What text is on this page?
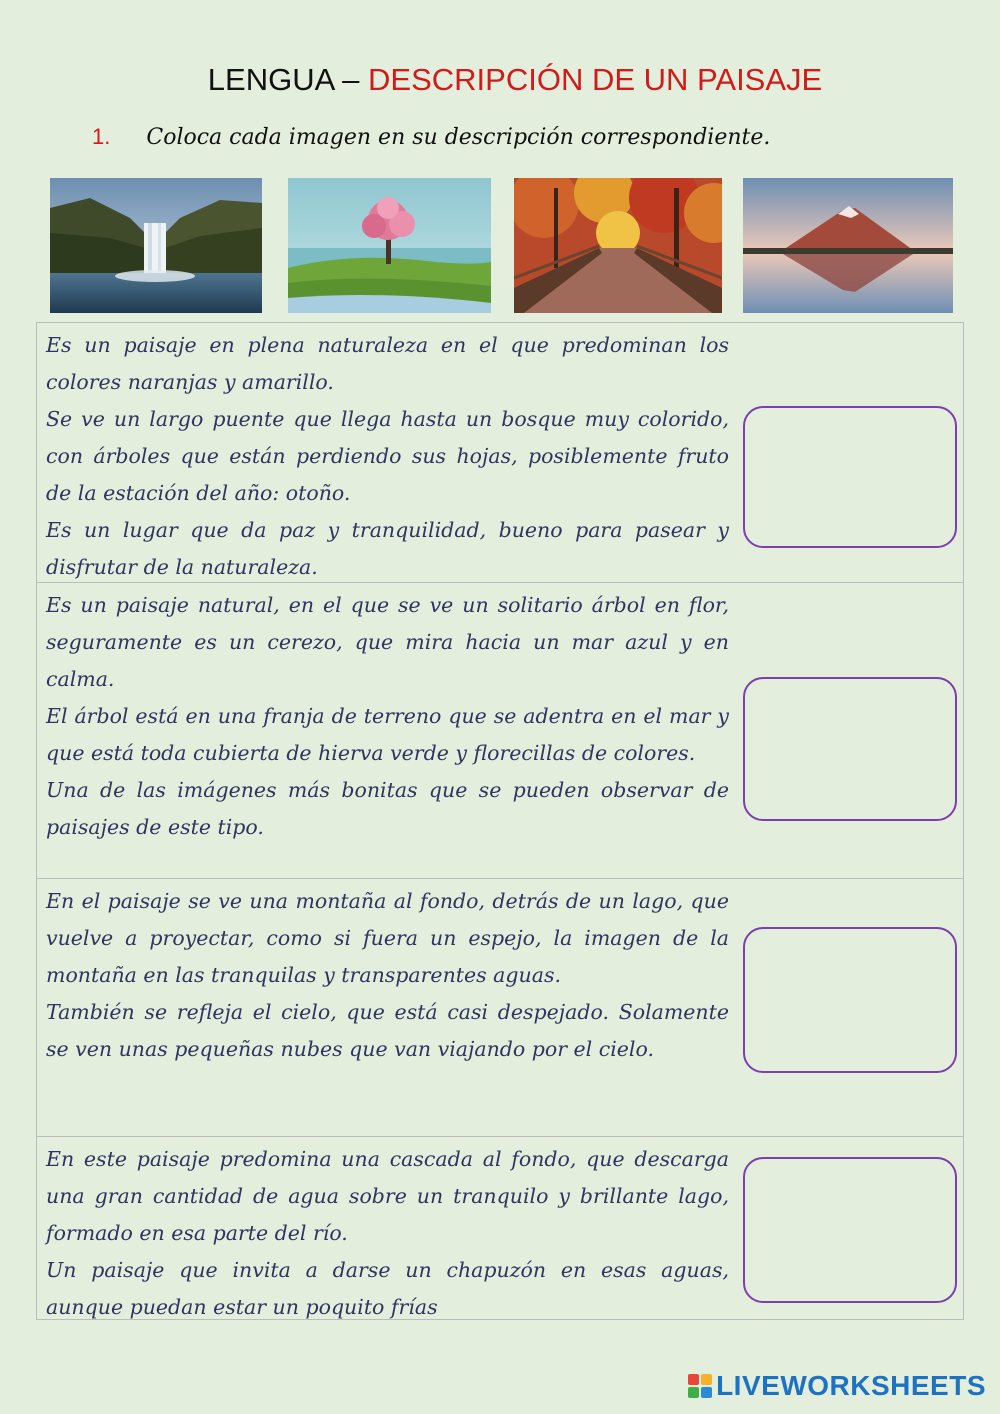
LENGUA – DESCRIPCIÓN DE UN PAISAJE
1. Coloca cada imagen en su descripción correspondiente.

Es un paisaje en plena naturaleza en el que predominan los colores naranjas y amarillo.

Se ve un largo puente que llega hasta un bosque muy colorido, con árboles que están perdiendo sus hojas, posiblemente fruto de la estación del año: otoño.

Es un lugar que da paz y tranquilidad, bueno para pasear y disfrutar de la naturaleza.

Es un paisaje natural, en el que se ve un solitario árbol en flor, seguramente es un cerezo, que mira hacia un mar azul y en calma.

El árbol está en una franja de terreno que se adentra en el mar y que está toda cubierta de hierva verde y florecillas de colores.

Una de las imágenes más bonitas que se pueden observar de paisajes de este tipo.

En el paisaje se ve una montaña al fondo, detrás de un lago, que vuelve a proyectar, como si fuera un espejo, la imagen de la montaña en las tranquilas y transparentes aguas.

También se refleja el cielo, que está casi despejado. Solamente se ven unas pequeñas nubes que van viajando por el cielo.

En este paisaje predomina una cascada al fondo, que descarga una gran cantidad de agua sobre un tranquilo y brillante lago, formado en esa parte del río.

Un paisaje que invita a darse un chapuzón en esas aguas, aunque puedan estar un poquito frías

LIVEWORKSHEETS
